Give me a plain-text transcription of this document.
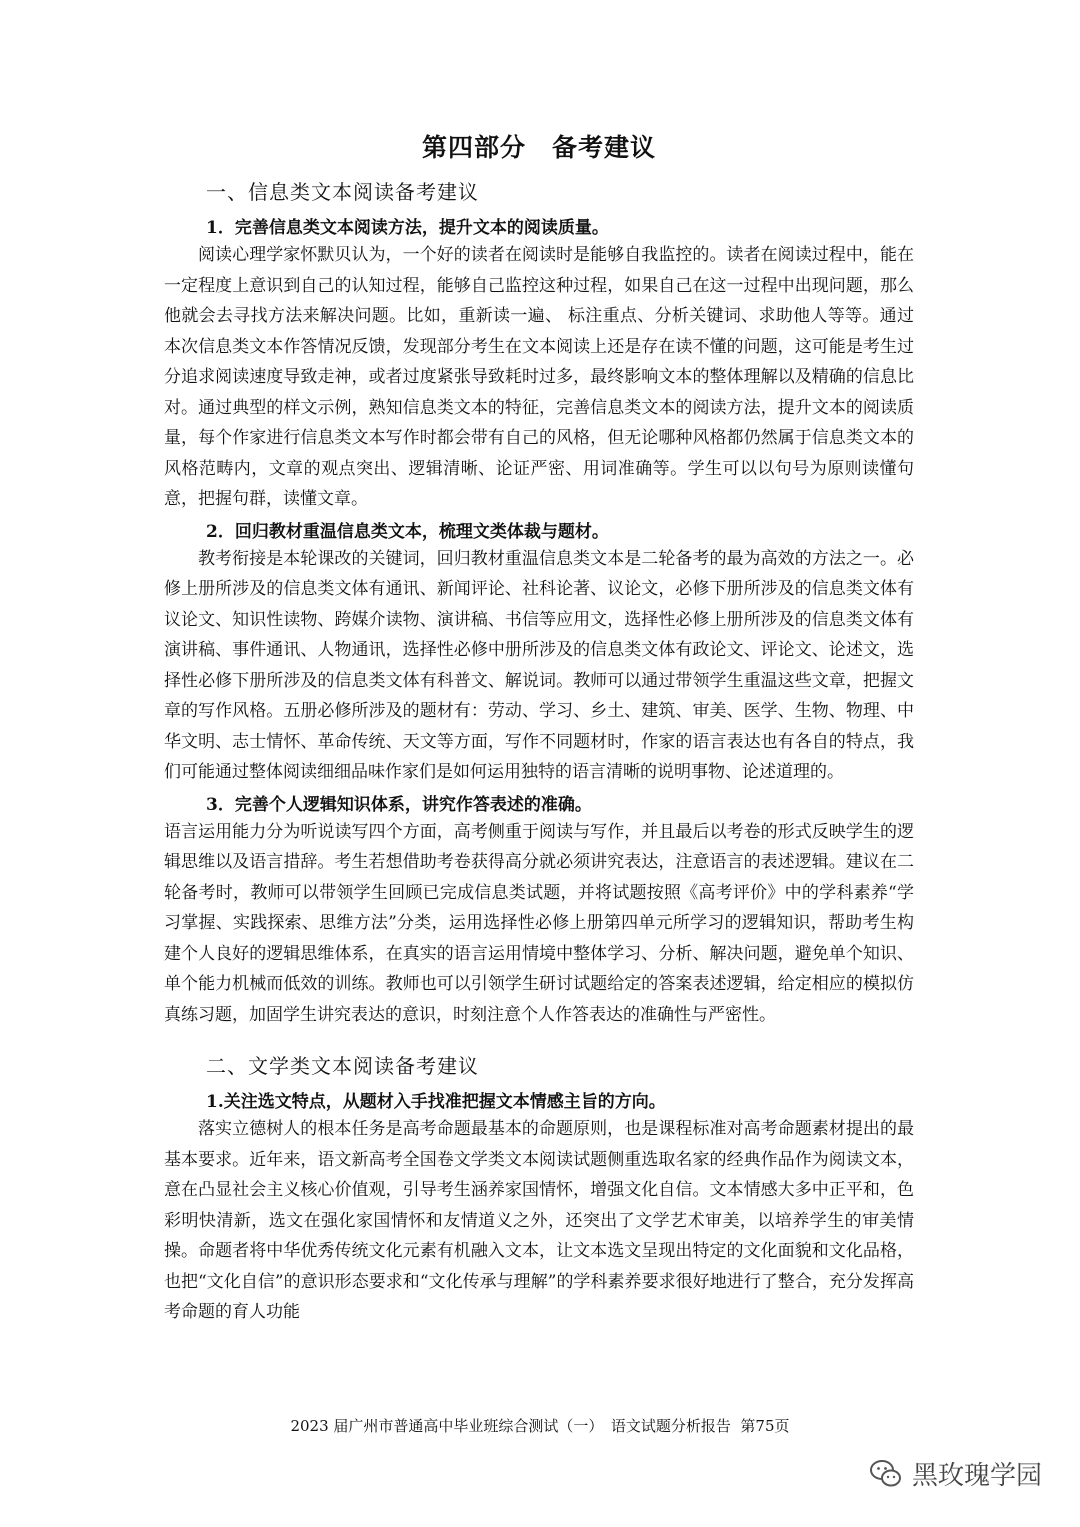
第四部分　备考建议
一、信息类文本阅读备考建议
1．完善信息类文本阅读方法，提升文本的阅读质量。

阅读心理学家怀默贝认为，一个好的读者在阅读时是能够自我监控的。读者在阅读过程中，能在一定程度上意识到自己的认知过程，能够自己监控这种过程，如果自己在这一过程中出现问题，那么他就会去寻找方法来解决问题。比如，重新读一遍、 标注重点、分析关键词、求助他人等等。通过本次信息类文本作答情况反馈，发现部分考生在文本阅读上还是存在读不懂的问题，这可能是考生过分追求阅读速度导致走神，或者过度紧张导致耗时过多，最终影响文本的整体理解以及精确的信息比对。通过典型的样文示例，熟知信息类文本的特征，完善信息类文本的阅读方法，提升文本的阅读质量，每个作家进行信息类文本写作时都会带有自己的风格，但无论哪种风格都仍然属于信息类文本的风格范畴内，文章的观点突出、逻辑清晰、论证严密、用词准确等。学生可以以句号为原则读懂句意，把握句群，读懂文章。

2．回归教材重温信息类文本，梳理文类体裁与题材。

教考衔接是本轮课改的关键词，回归教材重温信息类文本是二轮备考的最为高效的方法之一。必修上册所涉及的信息类文体有通讯、新闻评论、社科论著、议论文，必修下册所涉及的信息类文体有议论文、知识性读物、跨媒介读物、演讲稿、书信等应用文，选择性必修上册所涉及的信息类文体有演讲稿、事件通讯、人物通讯，选择性必修中册所涉及的信息类文体有政论文、评论文、论述文，选择性必修下册所涉及的信息类文体有科普文、解说词。教师可以通过带领学生重温这些文章，把握文章的写作风格。五册必修所涉及的题材有：劳动、学习、乡土、建筑、审美、医学、生物、物理、中华文明、志士情怀、革命传统、天文等方面，写作不同题材时，作家的语言表达也有各自的特点，我们可能通过整体阅读细细品味作家们是如何运用独特的语言清晰的说明事物、论述道理的。

3．完善个人逻辑知识体系，讲究作答表述的准确。

语言运用能力分为听说读写四个方面，高考侧重于阅读与写作，并且最后以考卷的形式反映学生的逻辑思维以及语言措辞。考生若想借助考卷获得高分就必须讲究表达，注意语言的表述逻辑。建议在二轮备考时，教师可以带领学生回顾已完成信息类试题，并将试题按照《高考评价》中的学科素养“学习掌握、实践探索、思维方法”分类，运用选择性必修上册第四单元所学习的逻辑知识，帮助考生构建个人良好的逻辑思维体系，在真实的语言运用情境中整体学习、分析、解决问题，避免单个知识、单个能力机械而低效的训练。教师也可以引领学生研讨试题给定的答案表述逻辑，给定相应的模拟仿真练习题，加固学生讲究表达的意识，时刻注意个人作答表达的准确性与严密性。

二、文学类文本阅读备考建议
1.关注选文特点，从题材入手找准把握文本情感主旨的方向。

落实立德树人的根本任务是高考命题最基本的命题原则，也是课程标准对高考命题素材提出的最基本要求。近年来，语文新高考全国卷文学类文本阅读试题侧重选取名家的经典作品作为阅读文本，意在凸显社会主义核心价值观，引导考生涵养家国情怀，增强文化自信。文本情感大多中正平和，色彩明快清新，选文在强化家国情怀和友情道义之外，还突出了文学艺术审美，以培养学生的审美情操。命题者将中华优秀传统文化元素有机融入文本，让文本选文呈现出特定的文化面貌和文化品格，也把“文化自信”的意识形态要求和“文化传承与理解”的学科素养要求很好地进行了整合，充分发挥高考命题的育人功能

2023 届广州市普通高中毕业班综合测试（一）　语文试题分析报告  第75页
黑玫瑰学园
